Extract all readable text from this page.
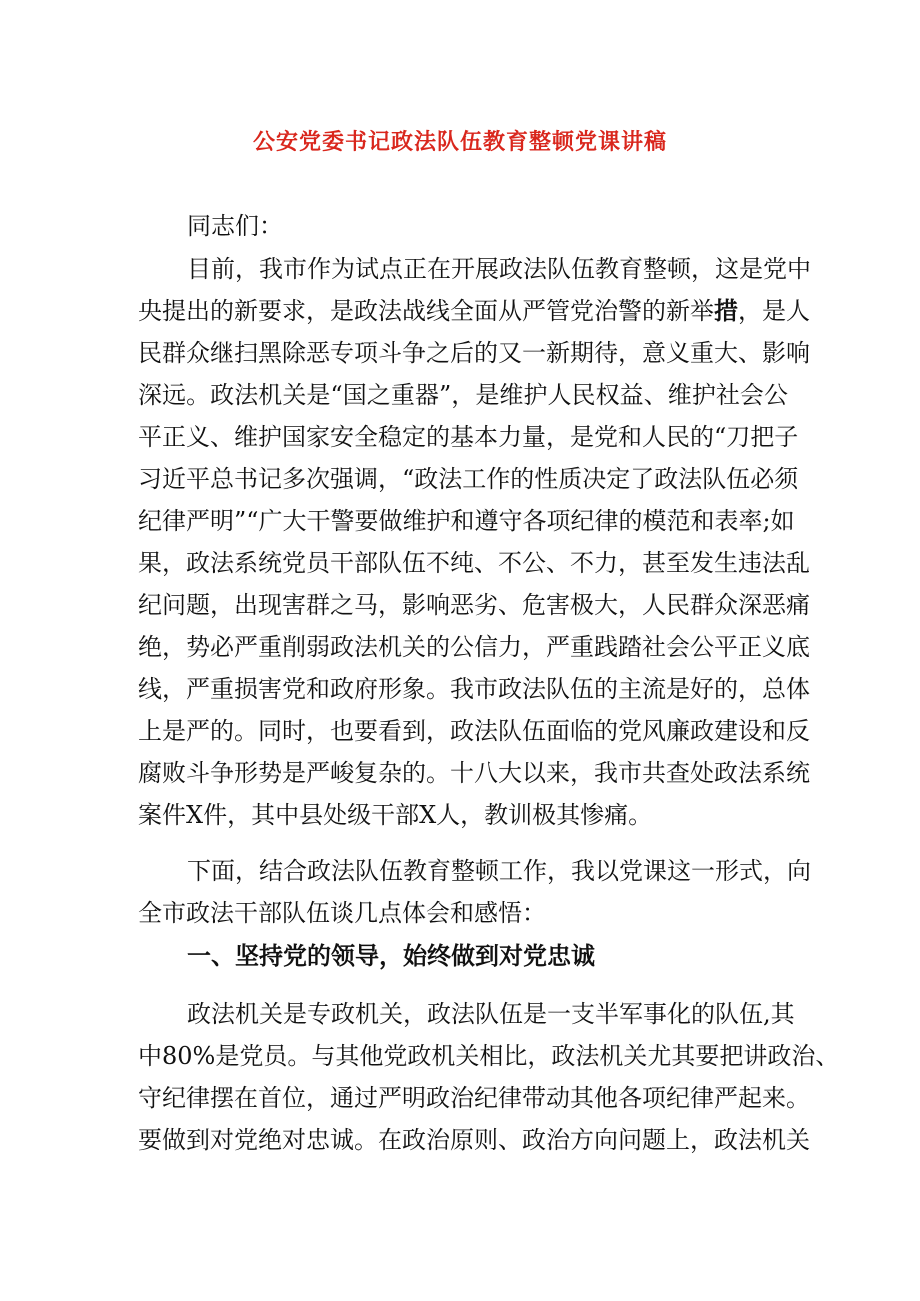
公安党委书记政法队伍教育整顿党课讲稿
同志们：
目前，我市作为试点正在开展政法队伍教育整顿，这是党中
央提出的新要求，是政法战线全面从严管党治警的新举措，是人
民群众继扫黑除恶专项斗争之后的又一新期待，意义重大、影响
深远。政法机关是“国之重器”，是维护人民权益、维护社会公
平正义、维护国家安全稳定的基本力量，是党和人民的“刀把子
习近平总书记多次强调，“政法工作的性质决定了政法队伍必须
纪律严明”“广大干警要做维护和遵守各项纪律的模范和表率;如
果，政法系统党员干部队伍不纯、不公、不力，甚至发生违法乱
纪问题，出现害群之马，影响恶劣、危害极大，人民群众深恶痛
绝，势必严重削弱政法机关的公信力，严重践踏社会公平正义底
线，严重损害党和政府形象。我市政法队伍的主流是好的，总体
上是严的。同时，也要看到，政法队伍面临的党风廉政建设和反
腐败斗争形势是严峻复杂的。十八大以来，我市共查处政法系统
案件X件，其中县处级干部X人，教训极其惨痛。
下面，结合政法队伍教育整顿工作，我以党课这一形式，向
全市政法干部队伍谈几点体会和感悟：
一、坚持党的领导，始终做到对党忠诚
政法机关是专政机关，政法队伍是一支半军事化的队伍,其
中80%是党员。与其他党政机关相比，政法机关尤其要把讲政治、
守纪律摆在首位，通过严明政治纪律带动其他各项纪律严起来。
要做到对党绝对忠诚。在政治原则、政治方向问题上，政法机关
